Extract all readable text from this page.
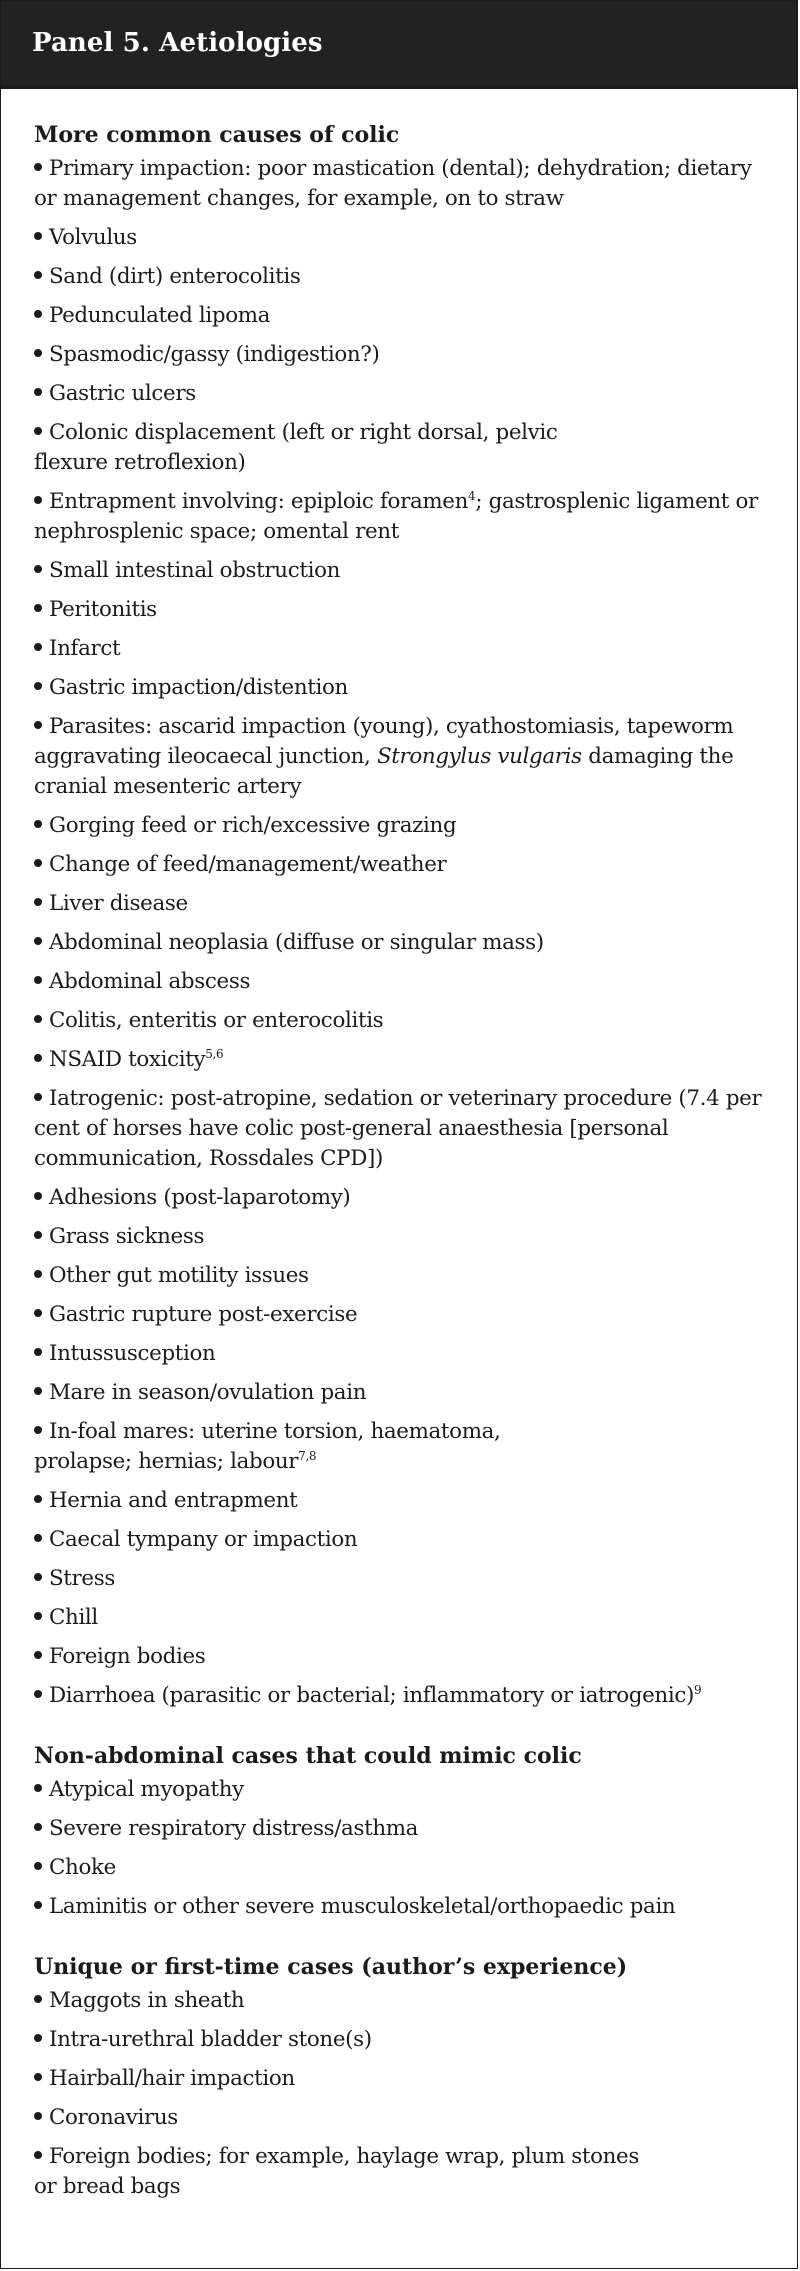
Panel 5. Aetiologies
More common causes of colic
Primary impaction: poor mastication (dental); dehydration; dietary or management changes, for example, on to straw
Volvulus
Sand (dirt) enterocolitis
Pedunculated lipoma
Spasmodic/gassy (indigestion?)
Gastric ulcers
Colonic displacement (left or right dorsal, pelvic
flexure retroflexion)
Entrapment involving: epiploic foramen$^4$; gastrosplenic ligament or nephrosplenic space; omental rent
Small intestinal obstruction
Peritonitis
Infarct
Gastric impaction/distention
Parasites: ascarid impaction (young), cyathostomiasis, tapeworm aggravating ileocaecal junction, Strongylus vulgaris damaging the cranial mesenteric artery
Gorging feed or rich/excessive grazing
Change of feed/management/weather
Liver disease
Abdominal neoplasia (diffuse or singular mass)
Abdominal abscess
Colitis, enteritis or enterocolitis
NSAID toxicity$^{5,6}$
Iatrogenic: post-atropine, sedation or veterinary procedure (7.4 per cent of horses have colic post-general anaesthesia [personal communication, Rossdales CPD])
Adhesions (post-laparotomy)
Grass sickness
Other gut motility issues
Gastric rupture post-exercise
Intussusception
Mare in season/ovulation pain
In-foal mares: uterine torsion, haematoma,
prolapse; hernias; labour$^{7,8}$
Hernia and entrapment
Caecal tympany or impaction
Stress
Chill
Foreign bodies
Diarrhoea (parasitic or bacterial; inflammatory or iatrogenic)$^9$
Non-abdominal cases that could mimic colic
Atypical myopathy
Severe respiratory distress/asthma
Choke
Laminitis or other severe musculoskeletal/orthopaedic pain
Unique or first-time cases (author’s experience)
Maggots in sheath
Intra-urethral bladder stone(s)
Hairball/hair impaction
Coronavirus
Foreign bodies; for example, haylage wrap, plum stones
or bread bags
